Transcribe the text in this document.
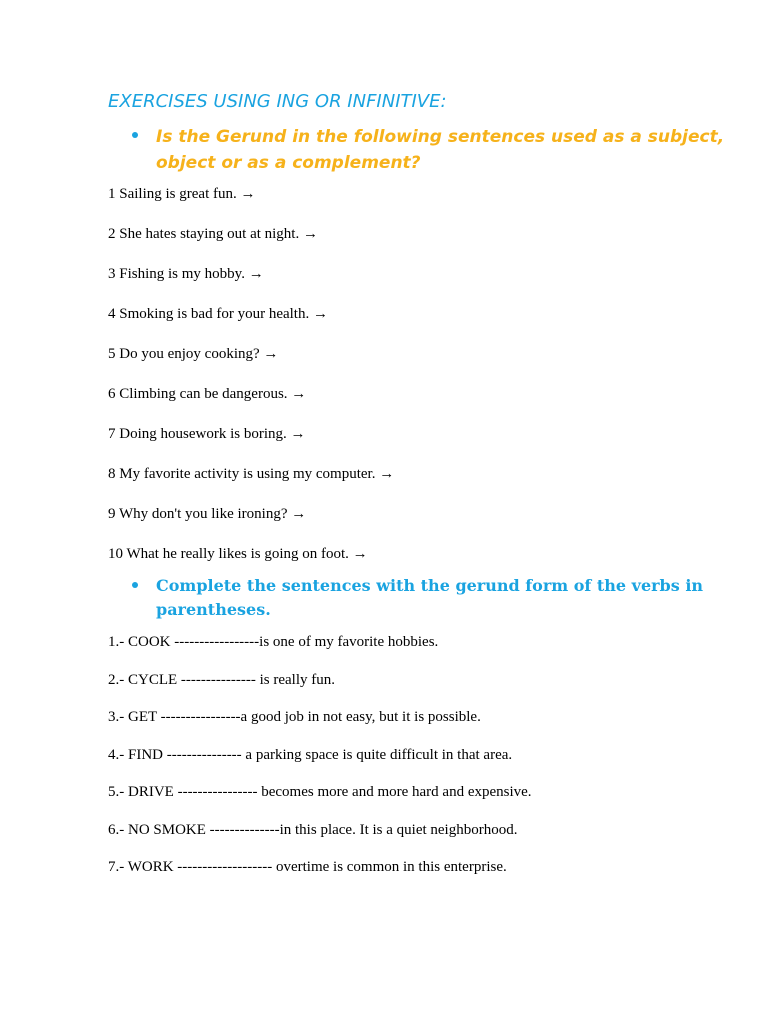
EXERCISES USING ING OR INFINITIVE:
Is the Gerund in the following sentences used as a subject, object or as a complement?
1 Sailing is great fun. →
2 She hates staying out at night. →
3 Fishing is my hobby. →
4 Smoking is bad for your health. →
5 Do you enjoy cooking? →
6 Climbing can be dangerous. →
7 Doing housework is boring. →
8 My favorite activity is using my computer. →
9 Why don't you like ironing? →
10 What he really likes is going on foot. →
Complete the sentences with the gerund form of the verbs in parentheses.
1.- COOK -----------------is one of my favorite hobbies.
2.- CYCLE --------------- is really fun.
3.- GET ----------------a good job in not easy, but it is possible.
4.- FIND --------------- a parking space is quite difficult in that area.
5.- DRIVE ---------------- becomes more and more hard and expensive.
6.- NO SMOKE --------------in this place. It is a quiet neighborhood.
7.- WORK ------------------- overtime is common in this enterprise.
